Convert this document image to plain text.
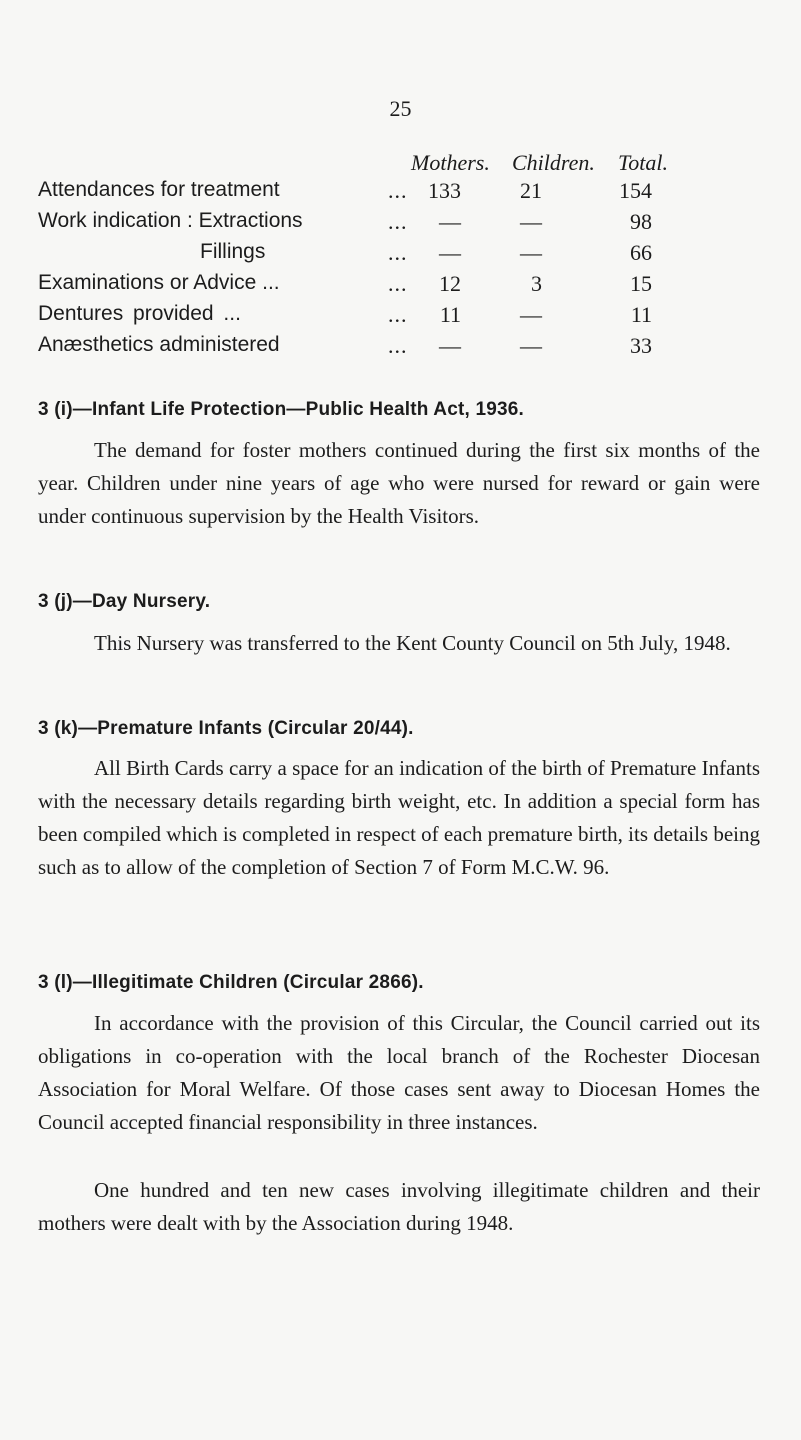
25
Mothers. Children. Total.
Attendances for treatment	... 133	21	154
Work indication : Extractions	...	—	—	98
Fillings	...	—	—	66
Examinations or Advice ...	...	12	3	15
Dentures provided ...	...	11	—	11
Anæsthetics administered	...	—	—	33
3 (i)—Infant Life Protection—Public Health Act, 1936.

The demand for foster mothers continued during the first six months of the year. Children under nine years of age who were nursed for reward or gain were under continuous supervision by the Health Visitors.

3 (j)—Day Nursery.

This Nursery was transferred to the Kent County Council on 5th July, 1948.

3 (k)—Premature Infants (Circular 20/44).

All Birth Cards carry a space for an indication of the birth of Premature Infants with the necessary details regarding birth weight, etc. In addition a special form has been compiled which is completed in respect of each premature birth, its details being such as to allow of the completion of Section 7 of Form M.C.W. 96.

3 (l)—Illegitimate Children (Circular 2866).

In accordance with the provision of this Circular, the Council carried out its obligations in co-operation with the local branch of the Rochester Diocesan Association for Moral Welfare. Of those cases sent away to Diocesan Homes the Council accepted financial responsibility in three instances.

One hundred and ten new cases involving illegitimate children and their mothers were dealt with by the Association during 1948.
